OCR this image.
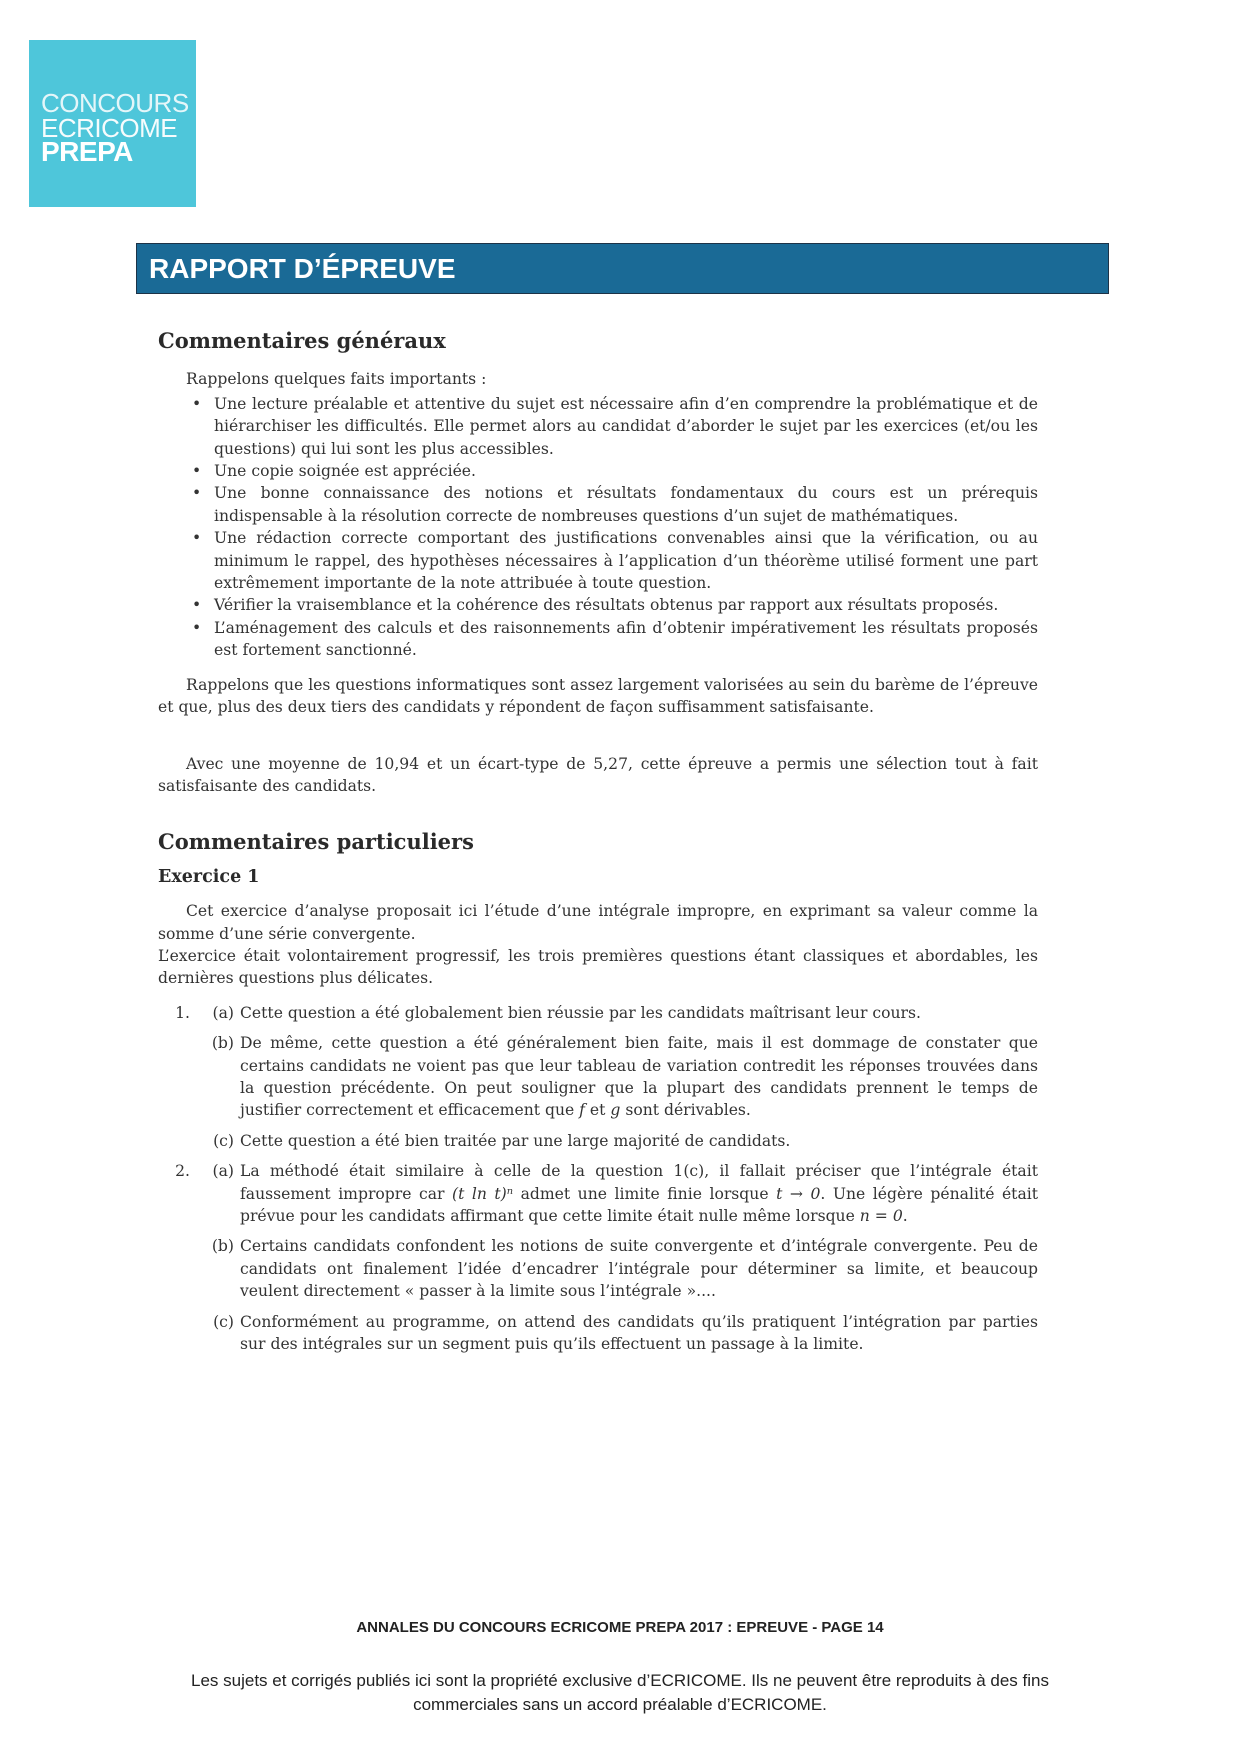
CONCOURS
ECRICOME
PREPA
RAPPORT D’ÉPREUVE
Commentaires généraux

Rappelons quelques faits importants :

• Une lecture préalable et attentive du sujet est nécessaire afin d’en comprendre la problématique et de hiérarchiser les difficultés. Elle permet alors au candidat d’aborder le sujet par les exercices (et/ou les questions) qui lui sont les plus accessibles.
• Une copie soignée est appréciée.
• Une bonne connaissance des notions et résultats fondamentaux du cours est un prérequis indispensable à la résolution correcte de nombreuses questions d’un sujet de mathématiques.
• Une rédaction correcte comportant des justifications convenables ainsi que la vérification, ou au minimum le rappel, des hypothèses nécessaires à l’application d’un théorème utilisé forment une part extrêmement importante de la note attribuée à toute question.
• Vérifier la vraisemblance et la cohérence des résultats obtenus par rapport aux résultats proposés.
• L’aménagement des calculs et des raisonnements afin d’obtenir impérativement les résultats proposés est fortement sanctionné.

Rappelons que les questions informatiques sont assez largement valorisées au sein du barème de l’épreuve et que, plus des deux tiers des candidats y répondent de façon suffisamment satisfaisante.

Avec une moyenne de 10,94 et un écart-type de 5,27, cette épreuve a permis une sélection tout à fait satisfaisante des candidats.

Commentaires particuliers
Exercice 1

Cet exercice d’analyse proposait ici l’étude d’une intégrale impropre, en exprimant sa valeur comme la somme d’une série convergente.

L’exercice était volontairement progressif, les trois premières questions étant classiques et abordables, les dernières questions plus délicates.

1.	(a) Cette question a été globalement bien réussie par les candidats maîtrisant leur cours.
(b) De même, cette question a été généralement bien faite, mais il est dommage de constater que certains candidats ne voient pas que leur tableau de variation contredit les réponses trouvées dans la question précédente. On peut souligner que la plupart des candidats prennent le temps de justifier correctement et efficacement que f et g sont dérivables.
(c) Cette question a été bien traitée par une large majorité de candidats.
2.	(a) La méthodé était similaire à celle de la question 1(c), il fallait préciser que l’intégrale était faussement impropre car (t ln t)ⁿ admet une limite finie lorsque t → 0. Une légère pénalité était prévue pour les candidats affirmant que cette limite était nulle même lorsque n = 0.
(b) Certains candidats confondent les notions de suite convergente et d’intégrale convergente. Peu de candidats ont finalement l’idée d’encadrer l’intégrale pour déterminer sa limite, et beaucoup veulent directement « passer à la limite sous l’intégrale »....
(c) Conformément au programme, on attend des candidats qu’ils pratiquent l’intégration par parties sur des intégrales sur un segment puis qu’ils effectuent un passage à la limite.
ANNALES DU CONCOURS ECRICOME PREPA 2017 : EPREUVE - PAGE 14
Les sujets et corrigés publiés ici sont la propriété exclusive d’ECRICOME. Ils ne peuvent être reproduits à des fins commerciales sans un accord préalable d’ECRICOME.
